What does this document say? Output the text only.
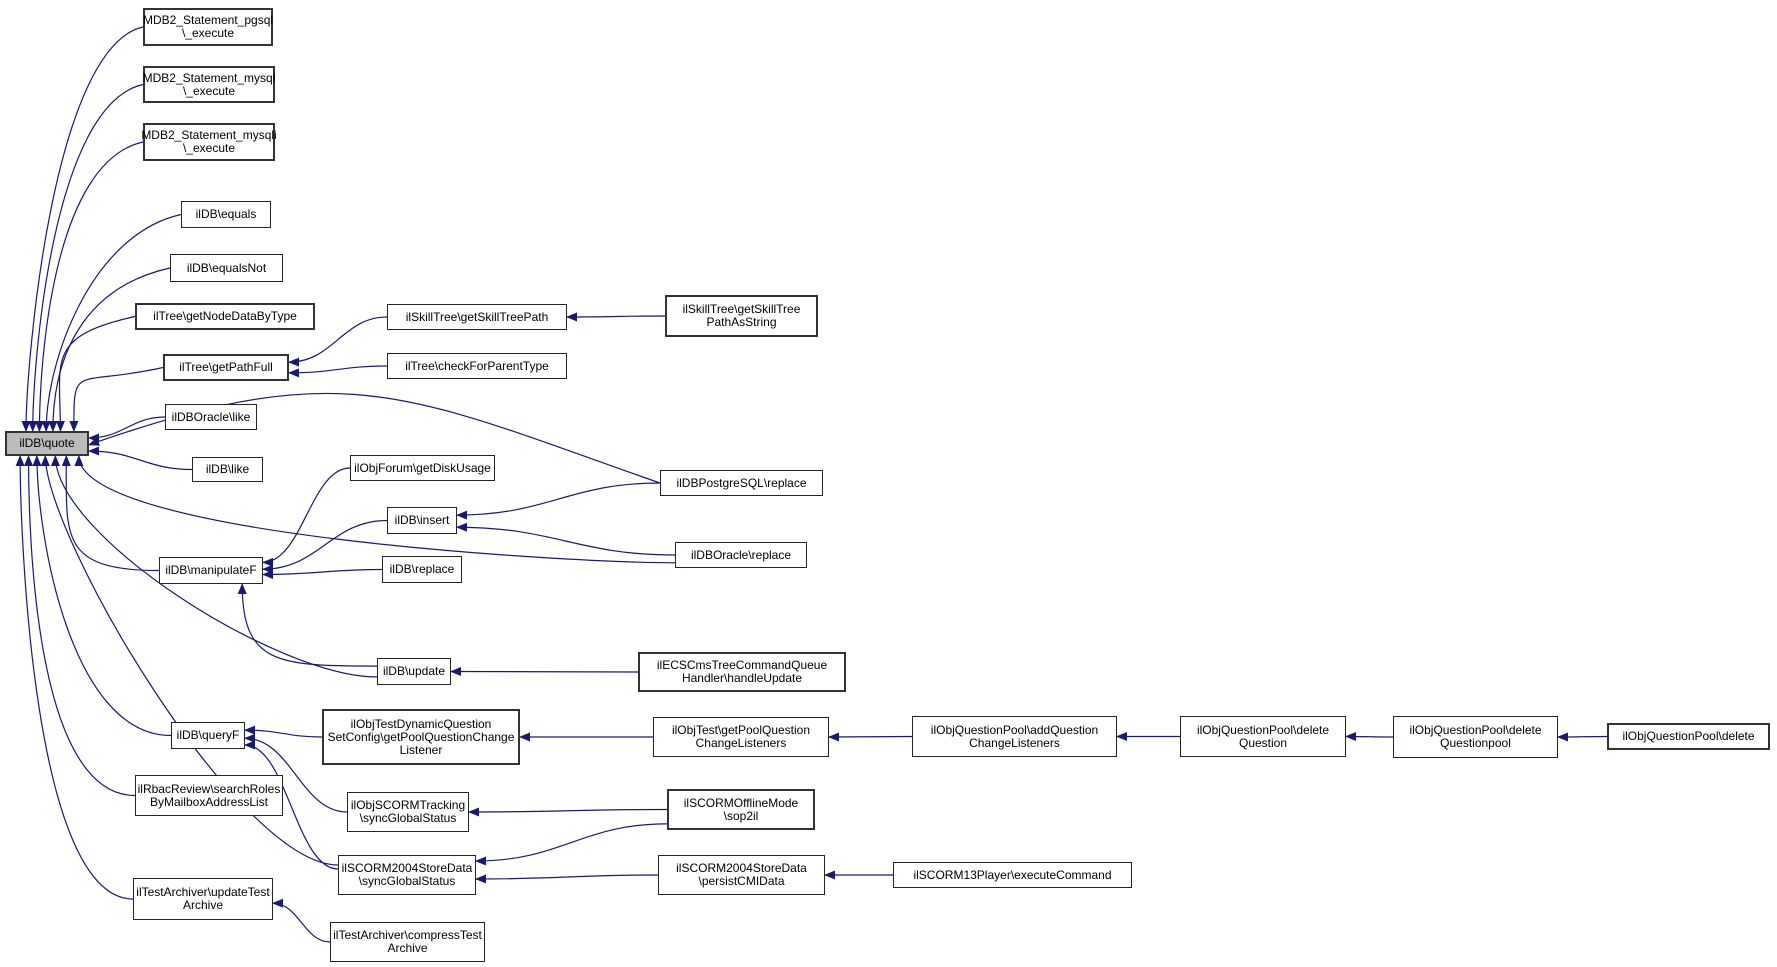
MDB2_Statement_pgsql
\_execute
MDB2_Statement_mysql
\_execute
MDB2_Statement_mysqli
\_execute
ilDB\equals
ilDB\equalsNot
ilTree\getNodeDataByType
ilTree\getPathFull
ilDBOracle\like
ilDB\quote
ilDB\like
ilDB\manipulateF
ilDB\update
ilDB\queryF
ilRbacReview\searchRoles
ByMailboxAddressList
ilTestArchiver\updateTest
Archive
ilSkillTree\getSkillTreePath
ilTree\checkForParentType
ilObjForum\getDiskUsage
ilDB\insert
ilDB\replace
ilECSCmsTreeCommandQueue
Handler\handleUpdate
ilObjTestDynamicQuestion
SetConfig\getPoolQuestionChange
Listener
ilObjSCORMTracking
\syncGlobalStatus
ilSCORM2004StoreData
\syncGlobalStatus
ilTestArchiver\compressTest
Archive
ilSkillTree\getSkillTree
PathAsString
ilDBPostgreSQL\replace
ilDBOracle\replace
ilObjTest\getPoolQuestion
ChangeListeners
ilSCORMOfflineMode
\sop2il
ilSCORM2004StoreData
\persistCMIData
ilObjQuestionPool\addQuestion
ChangeListeners
ilSCORM13Player\executeCommand
ilObjQuestionPool\delete
Question
ilObjQuestionPool\delete
Questionpool	ilObjQuestionPool\delete
